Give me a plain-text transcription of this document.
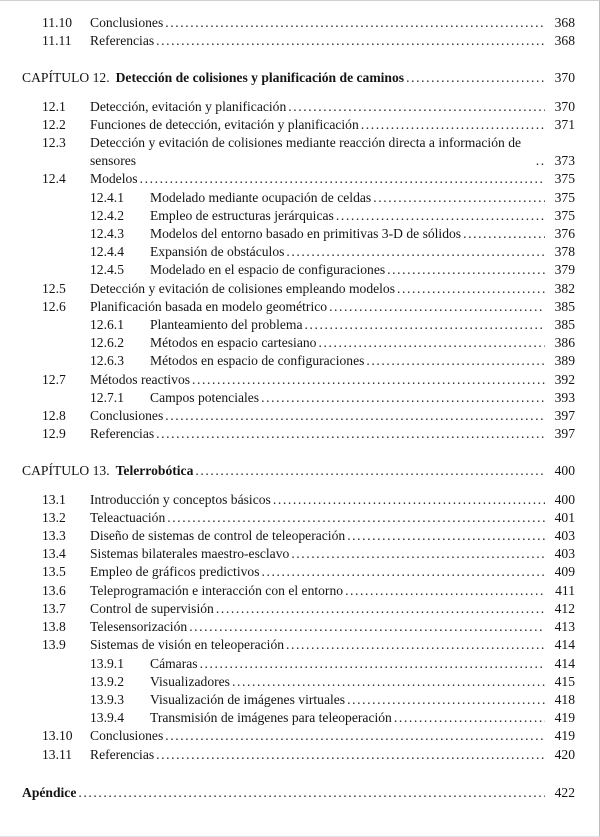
11.10	Conclusiones .....	368
11.11	Referencias .....	368
CAPÍTULO 12. Detección de colisiones y planificación de caminos .....	370
12.1	Detección, evitación y planificación .....	370
12.2	Funciones de detección, evitación y planificación .....	371
12.3	Detección y evitación de colisiones mediante reacción directa a información de sensores .....	373
12.4	Modelos .....	375
12.4.1	Modelado mediante ocupación de celdas .....	375
12.4.2	Empleo de estructuras jerárquicas .....	375
12.4.3	Modelos del entorno basado en primitivas 3-D de sólidos .....	376
12.4.4	Expansión de obstáculos .....	378
12.4.5	Modelado en el espacio de configuraciones .....	379
12.5	Detección y evitación de colisiones empleando modelos .....	382
12.6	Planificación basada en modelo geométrico .....	385
12.6.1	Planteamiento del problema .....	385
12.6.2	Métodos en espacio cartesiano .....	386
12.6.3	Métodos en espacio de configuraciones .....	389
12.7	Métodos reactivos .....	392
12.7.1	Campos potenciales .....	393
12.8	Conclusiones .....	397
12.9	Referencias .....	397
CAPÍTULO 13. Telerrobótica .....	400
13.1	Introducción y conceptos básicos .....	400
13.2	Teleactuación .....	401
13.3	Diseño de sistemas de control de teleoperación .....	403
13.4	Sistemas bilaterales maestro-esclavo .....	403
13.5	Empleo de gráficos predictivos .....	409
13.6	Teleprogramación e interacción con el entorno .....	411
13.7	Control de supervisión .....	412
13.8	Telesensorización .....	413
13.9	Sistemas de visión en teleoperación .....	414
13.9.1	Cámaras .....	414
13.9.2	Visualizadores .....	415
13.9.3	Visualización de imágenes virtuales .....	418
13.9.4	Transmisión de imágenes para teleoperación .....	419
13.10	Conclusiones .....	419
13.11	Referencias .....	420
Apéndice .....	422
